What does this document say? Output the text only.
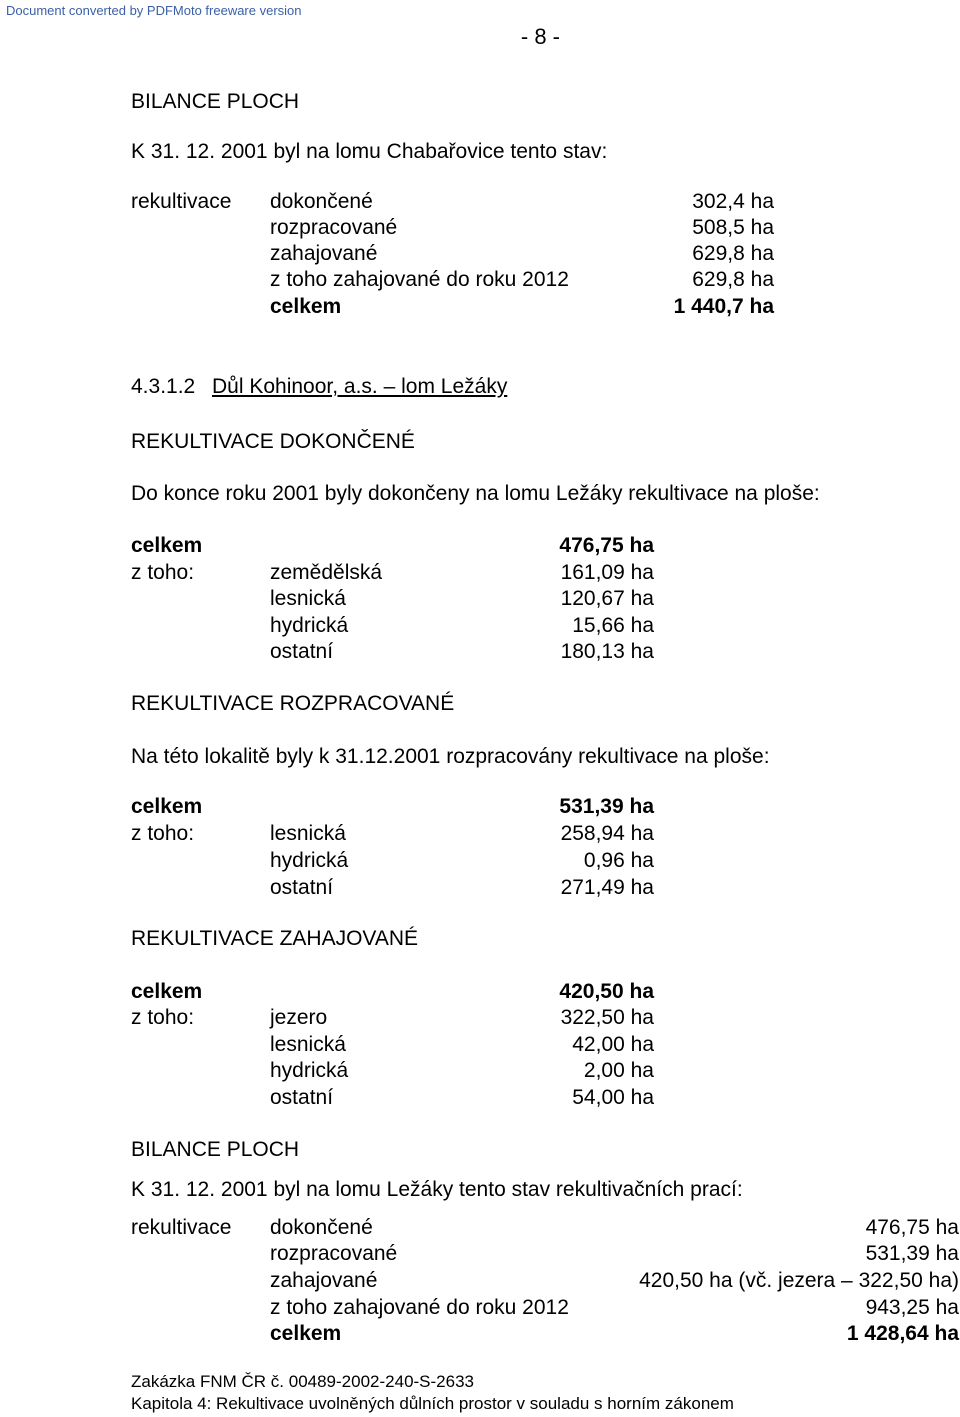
Document converted by PDFMoto freeware version
- 8 -
BILANCE PLOCH
K 31. 12. 2001 byl na lomu Chabařovice tento stav:
rekultivace dokončené	302,4 ha
rozpracované	508,5 ha
zahajované	629,8 ha
z toho zahajované do roku 2012	629,8 ha
celkem	1 440,7 ha
4.3.1.2 Důl Kohinoor, a.s. – lom Ležáky
REKULTIVACE DOKONČENÉ
Do konce roku 2001 byly dokončeny na lomu Ležáky rekultivace na ploše:
celkem	476,75 ha
z toho:	zemědělská	161,09 ha
lesnická	120,67 ha
hydrická	15,66 ha
ostatní	180,13 ha
REKULTIVACE ROZPRACOVANÉ
Na této lokalitě byly k 31.12.2001 rozpracovány rekultivace na ploše:
celkem	531,39 ha
z toho:	lesnická	258,94 ha
hydrická	0,96 ha
ostatní	271,49 ha
REKULTIVACE ZAHAJOVANÉ
celkem	420,50 ha
z toho:	jezero	322,50 ha
lesnická	42,00 ha
hydrická	2,00 ha
ostatní	54,00 ha
BILANCE PLOCH
K 31. 12. 2001 byl na lomu Ležáky tento stav rekultivačních prací:
rekultivace dokončené	476,75 ha
rozpracované	531,39 ha
zahajované	420,50 ha (vč. jezera – 322,50 ha)
z toho zahajované do roku 2012	943,25 ha
celkem	1 428,64 ha
Zakázka FNM ČR č. 00489-2002-240-S-2633
Kapitola 4: Rekultivace uvolněných důlních prostor v souladu s horním zákonem
